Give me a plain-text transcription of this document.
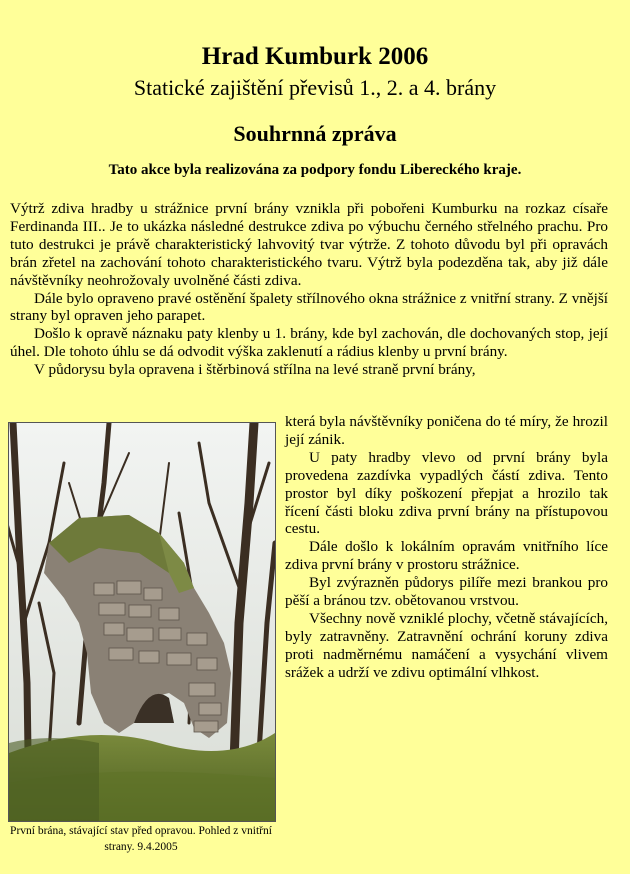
Hrad Kumburk 2006
Statické zajištění převisů 1., 2. a 4. brány
Souhrnná zpráva
Tato akce byla realizována za podpory fondu Libereckého kraje.

Výtrž zdiva hradby u strážnice první brány vznikla při pobořeni Kumburku na rozkaz císaře Ferdinanda III.. Je to ukázka následné destrukce zdiva po výbuchu černého střelného prachu. Pro tuto destrukci je právě charakteristický lahvovitý tvar výtrže. Z tohoto důvodu byl při opravách brán zřetel na zachování tohoto charakteristického tvaru. Výtrž byla podezděna tak, aby již dále návštěvníky neohrožovaly uvolněné části zdiva.

Dále bylo opraveno pravé ostěnění špalety střílnového okna strážnice z vnitřní strany. Z vnější strany byl opraven jeho parapet.

Došlo k opravě náznaku paty klenby u 1. brány, kde byl zachován, dle dochovaných stop, její úhel. Dle tohoto úhlu se dá odvodit výška zaklenutí a rádius klenby u první brány.

V půdorysu byla opravena i štěrbinová střílna na levé straně první brány,

První brána, stávající stav před opravou. Pohled z vnitřní strany. 9.4.2005

která byla návštěvníky poničena do té míry, že hrozil její zánik.

U paty hradby vlevo od první brány byla provedena zazdívka vypadlých částí zdiva. Tento prostor byl díky poškození přepjat a hrozilo tak řícení části bloku zdiva první brány na přístupovou cestu.

Dále došlo k lokálním opravám vnitřního líce zdiva první brány v prostoru strážnice.

Byl zvýrazněn půdorys pilíře mezi brankou pro pěší a bránou tzv. obětovanou vrstvou.

Všechny nově vzniklé plochy, včetně stávajících, byly zatravněny. Zatravnění ochrání koruny zdiva proti nadměrnému namáčení a vysychání vlivem srážek a udrží ve zdivu optimální vlhkost.
